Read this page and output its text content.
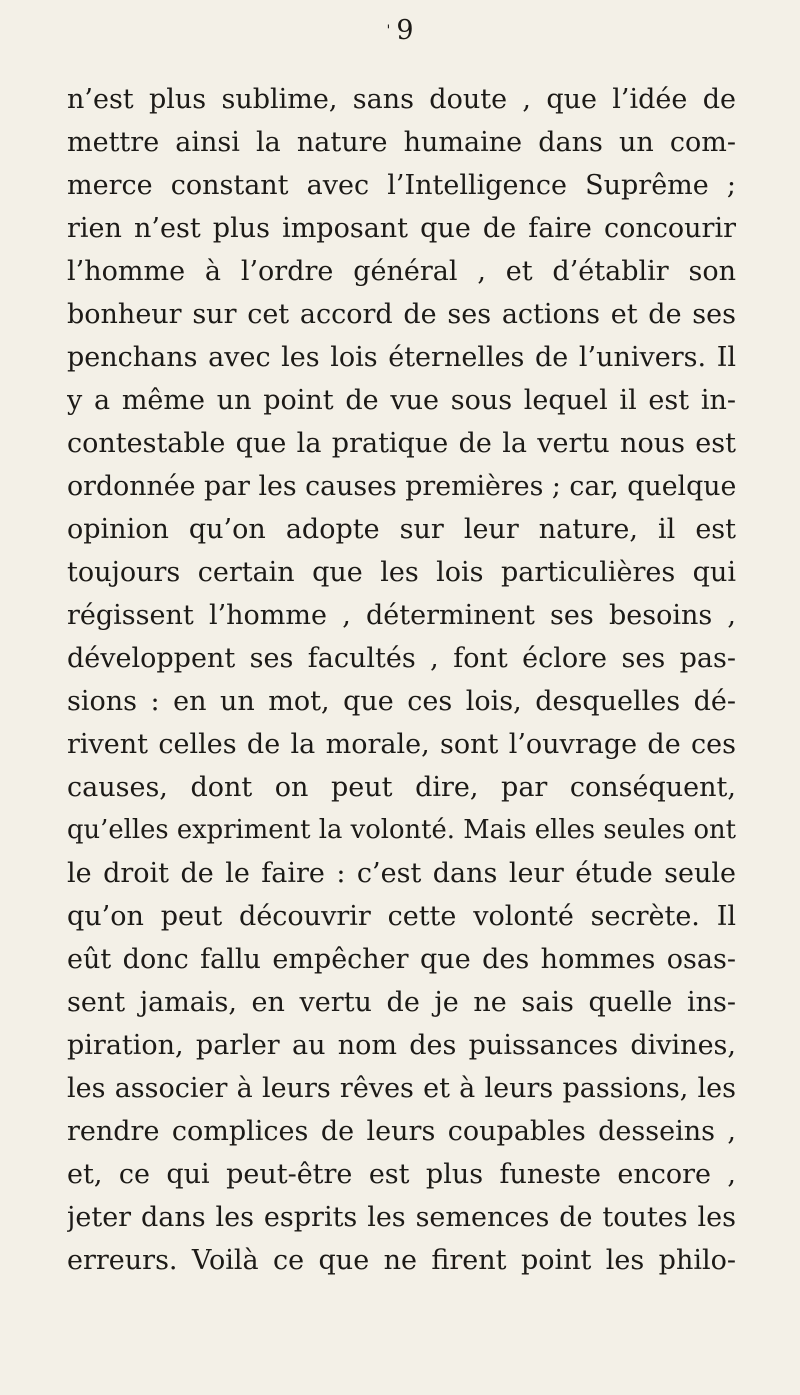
' 9
n’est plus sublime, sans doute , que l’idée de
mettre ainsi la nature humaine dans un com-
merce constant avec l’Intelligence Suprême ;
rien n’est plus imposant que de faire concourir
l’homme à l’ordre général , et d’établir son
bonheur sur cet accord de ses actions et de ses
penchans avec les lois éternelles de l’univers. Il
y a même un point de vue sous lequel il est in-
contestable que la pratique de la vertu nous est
ordonnée par les causes premières ; car, quelque
opinion qu’on adopte sur leur nature, il est
toujours certain que les lois particulières qui
régissent l’homme , déterminent ses besoins ,
développent ses facultés , font éclore ses pas-
sions : en un mot, que ces lois, desquelles dé-
rivent celles de la morale, sont l’ouvrage de ces
causes, dont on peut dire, par conséquent,
qu’elles expriment la volonté. Mais elles seules ont
le droit de le faire : c’est dans leur étude seule
qu’on peut découvrir cette volonté secrète. Il
eût donc fallu empêcher que des hommes osas-
sent jamais, en vertu de je ne sais quelle ins-
piration, parler au nom des puissances divines,
les associer à leurs rêves et à leurs passions, les
rendre complices de leurs coupables desseins ,
et, ce qui peut-être est plus funeste encore ,
jeter dans les esprits les semences de toutes les
erreurs. Voilà ce que ne firent point les philo-
